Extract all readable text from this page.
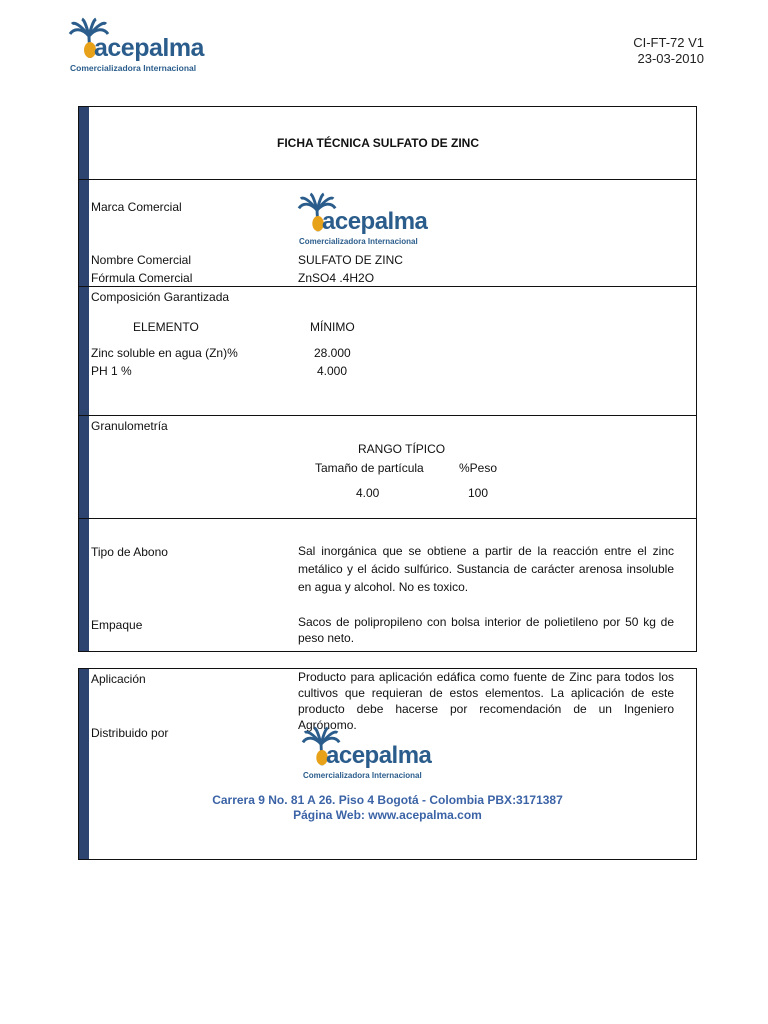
acepalma
Comercializadora Internacional
CI-FT-72 V1
23-03-2010
FICHA TÉCNICA SULFATO DE ZINC
Marca Comercial
acepalma
Comercializadora Internacional
Nombre Comercial	SULFATO DE ZINC
Fórmula Comercial	ZnSO4 .4H2O
Composición Garantizada
ELEMENTO	MÍNIMO
Zinc soluble en agua (Zn)%	28.000
PH 1 %	4.000
Granulometría
RANGO TÍPICO
Tamaño de partícula	%Peso
4.00	100
Tipo de Abono	Sal inorgánica que se obtiene a partir de la reacción entre el zinc metálico y el ácido sulfúrico. Sustancia de carácter arenosa insoluble en agua y alcohol. No es toxico.
Empaque	Sacos de polipropileno con bolsa interior de polietileno por 50 kg de peso neto.
Aplicación	Producto para aplicación edáfica como fuente de Zinc para todos los cultivos que requieran de estos elementos. La aplicación de este producto debe hacerse por recomendación de un Ingeniero Agrónomo.
Distribuido por
acepalma
Comercializadora Internacional
Carrera 9 No. 81 A 26. Piso 4 Bogotá - Colombia PBX:3171387
Página Web: www.acepalma.com
